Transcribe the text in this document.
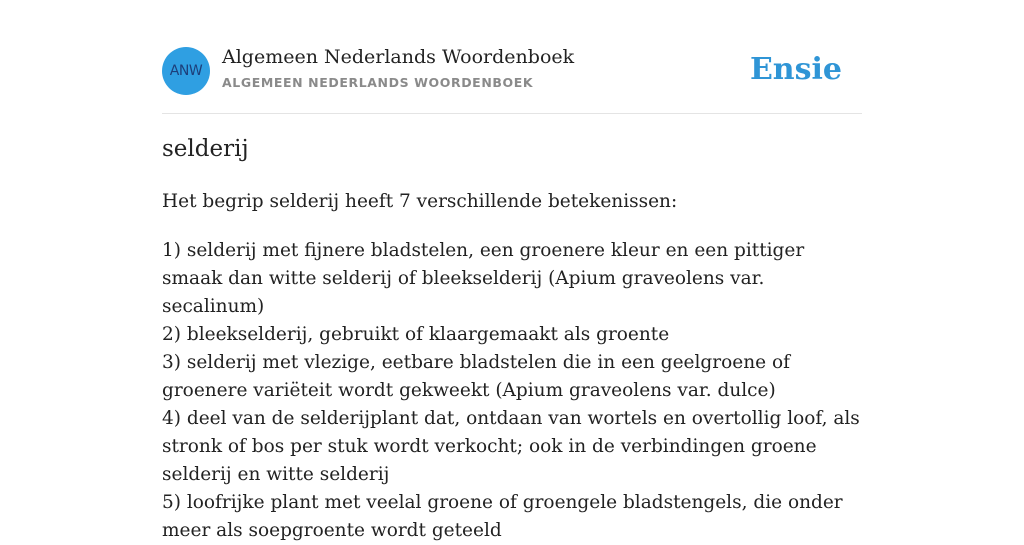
ANW
Algemeen Nederlands Woordenboek
ALGEMEEN NEDERLANDS WOORDENBOEK	Ensie
selderij

Het begrip selderij heeft 7 verschillende betekenissen:

1) selderij met fijnere bladstelen, een groenere kleur en een pittiger smaak dan witte selderij of bleekselderij (Apium graveolens var. secalinum)
2) bleekselderij, gebruikt of klaargemaakt als groente
3) selderij met vlezige, eetbare bladstelen die in een geelgroene of groenere variëteit wordt gekweekt (Apium graveolens var. dulce)
4) deel van de selderijplant dat, ontdaan van wortels en overtollig loof, als stronk of bos per stuk wordt verkocht; ook in de verbindingen groene selderij en witte selderij
5) loofrijke plant met veelal groene of groengele bladstengels, die onder meer als soepgroente wordt geteeld
